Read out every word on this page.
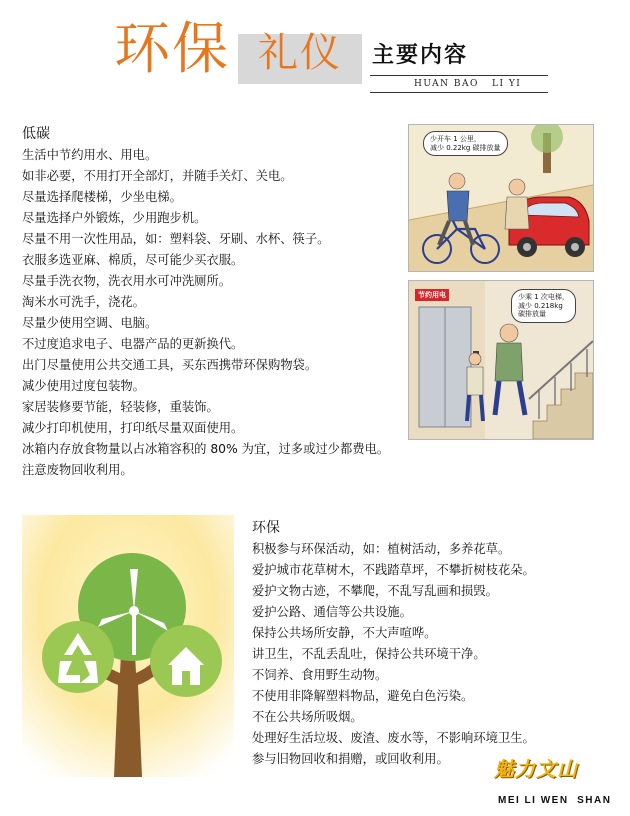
环保 礼仪 主要内容
HUAN BAO   LI YI
低碳
生活中节约用水、用电。
如非必要，不用打开全部灯，并随手关灯、关电。
尽量选择爬楼梯，少坐电梯。
尽量选择户外锻炼，少用跑步机。
尽量不用一次性用品，如：塑料袋、牙刷、水杯、筷子。
衣服多选亚麻、棉质，尽可能少买衣服。
尽量手洗衣物，洗衣用水可冲洗厕所。
淘米水可洗手，浇花。
尽量少使用空调、电脑。
不过度追求电子、电器产品的更新换代。
出门尽量使用公共交通工具，买东西携带环保购物袋。
减少使用过度包装物。
家居装修要节能，轻装修，重装饰。
减少打印机使用，打印纸尽量双面使用。
冰箱内存放食物量以占冰箱容积的 80% 为宜，过多或过少都费电。
注意废物回收利用。
少开车 1 公里，
减少 0.22kg 碳排放量
节约用电	少乘 1 次电梯，
减少 0.218kg
碳排放量
环保
积极参与环保活动，如：植树活动，多养花草。
爱护城市花草树木，不践踏草坪，不攀折树枝花朵。
爱护文物古迹，不攀爬，不乱写乱画和损毁。
爱护公路、通信等公共设施。
保持公共场所安静，不大声喧哗。
讲卫生，不乱丢乱吐，保持公共环境干净。
不饲养、食用野生动物。
不使用非降解塑料物品，避免白色污染。
不在公共场所吸烟。
处理好生活垃圾、废渣、废水等，不影响环境卫生。
参与旧物回收和捐赠，或回收利用。	魅力文山
MEI LI WEN  SHAN
